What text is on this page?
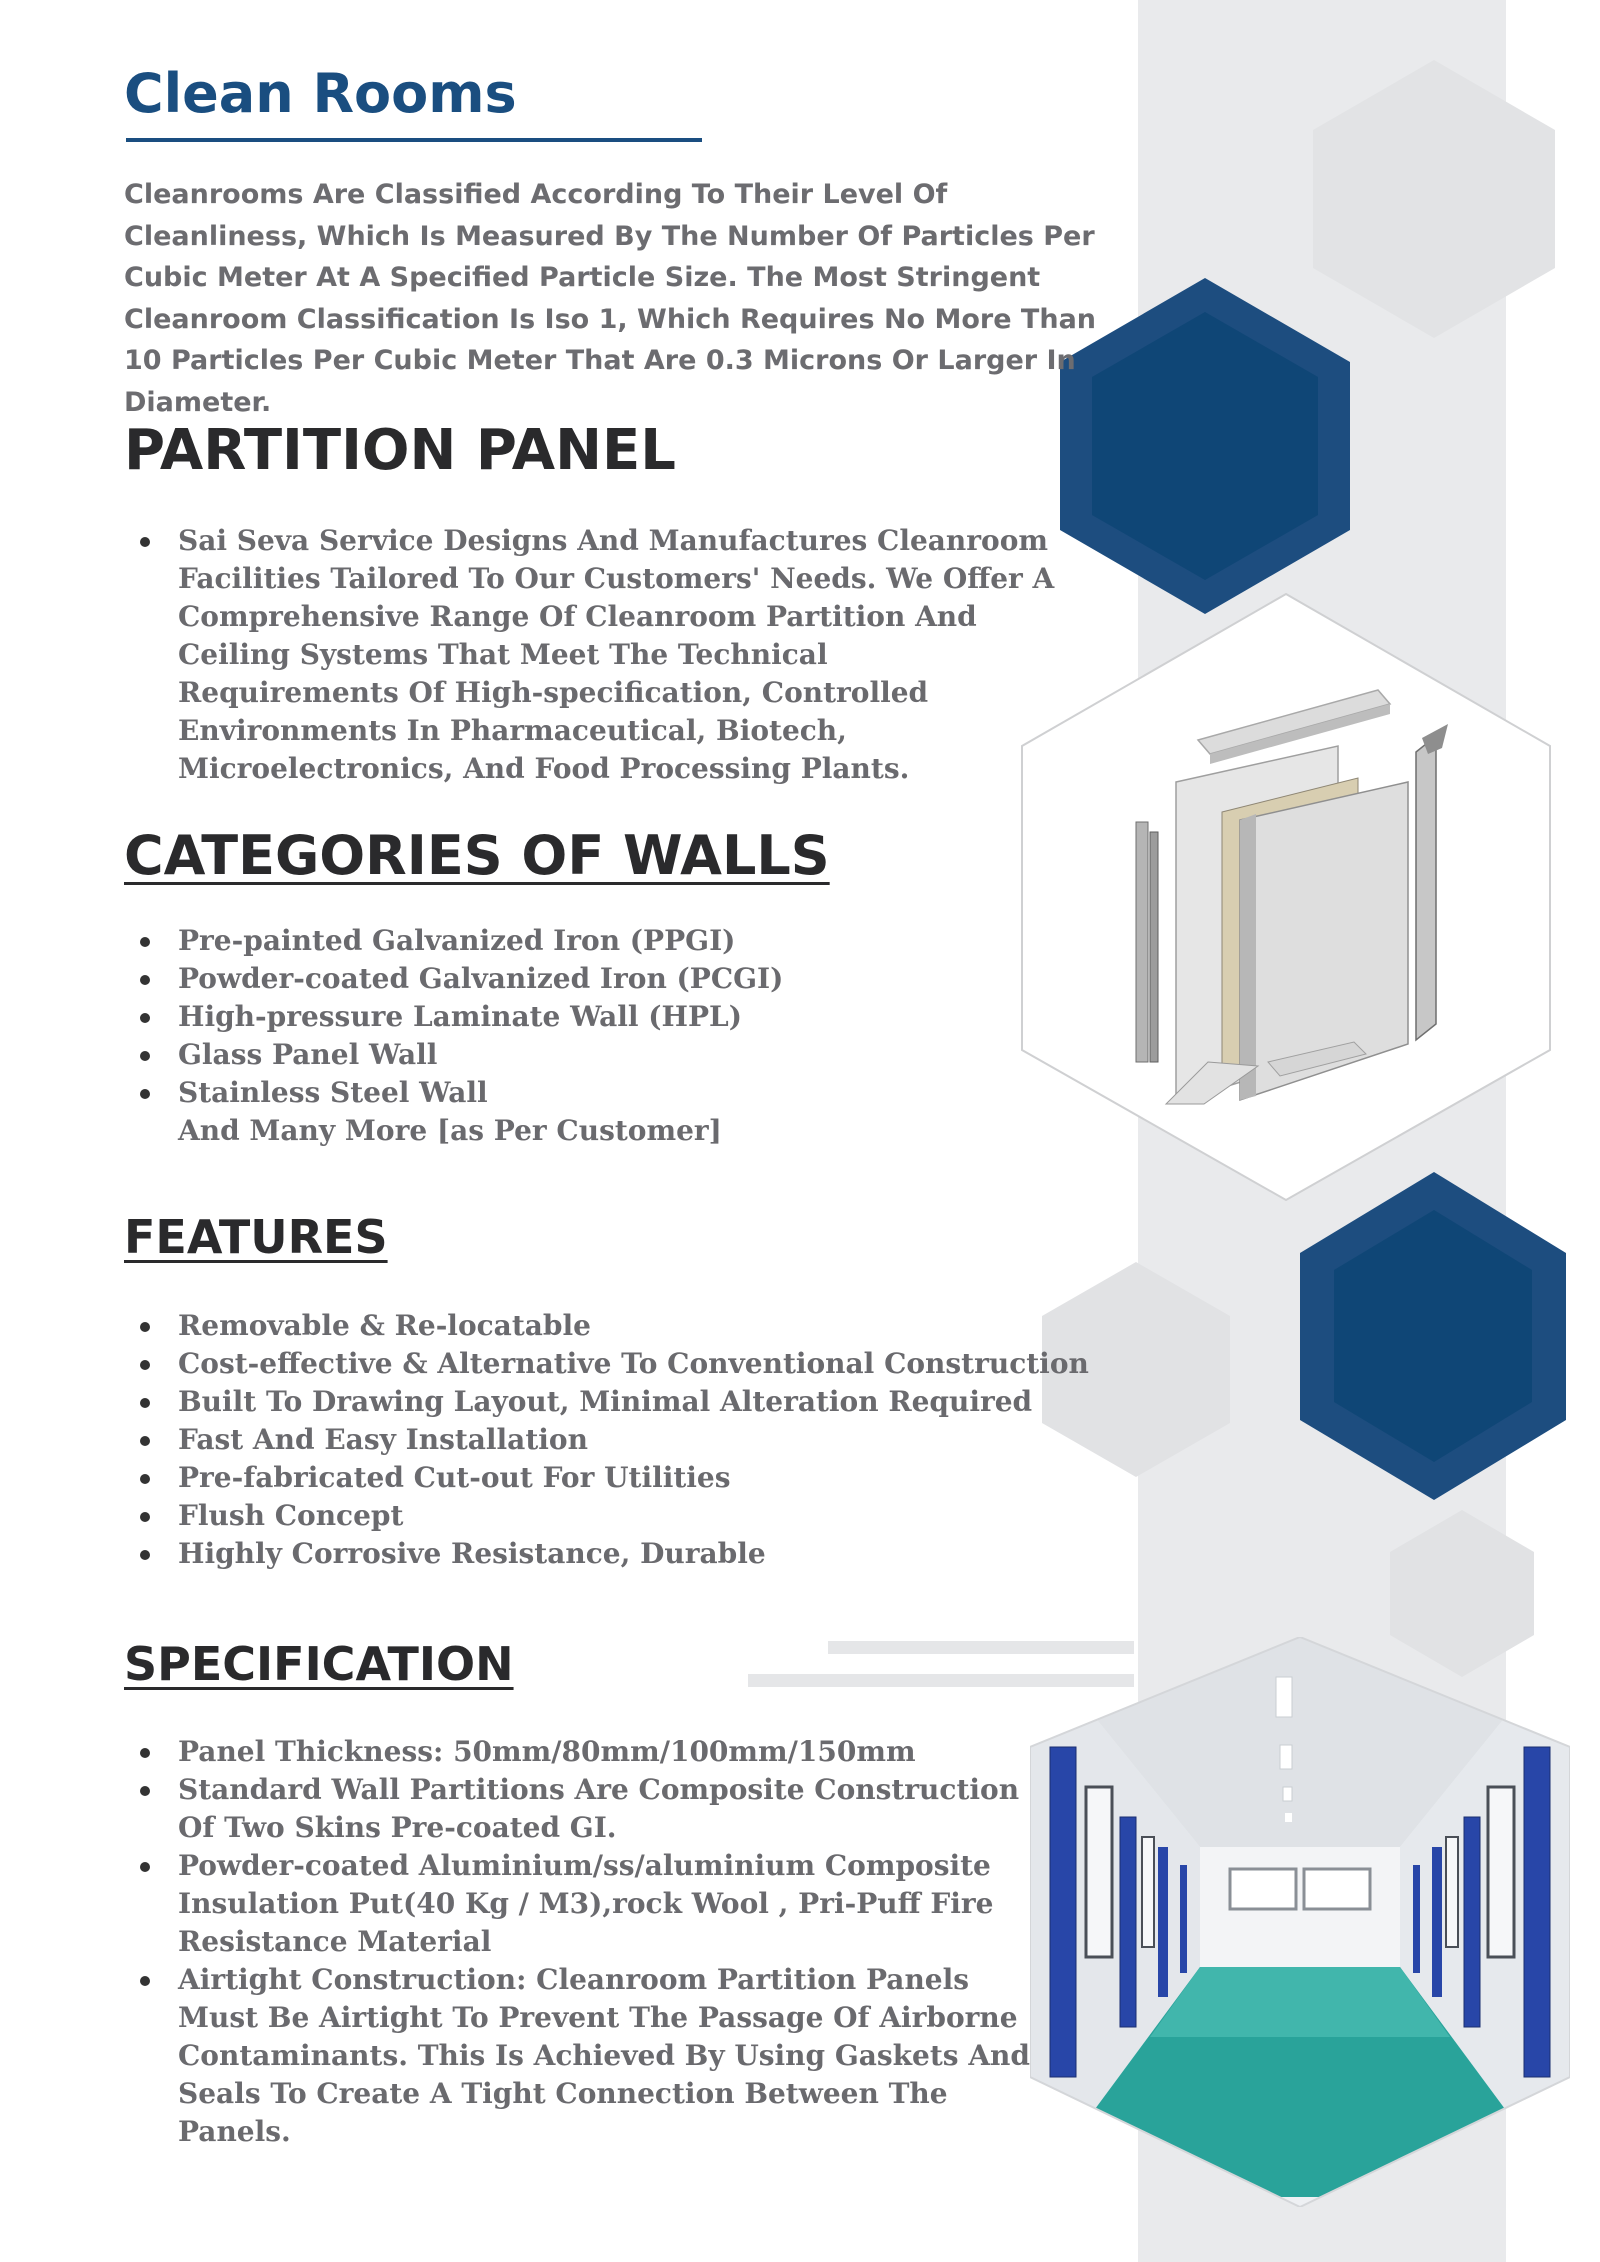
Clean Rooms

Cleanrooms Are Classified According To Their Level Of Cleanliness, Which Is Measured By The Number Of Particles Per Cubic Meter At A Specified Particle Size. The Most Stringent Cleanroom Classification Is Iso 1, Which Requires No More Than 10 Particles Per Cubic Meter That Are 0.3 Microns Or Larger In Diameter.

PARTITION PANEL
Sai Seva Service Designs And Manufactures Cleanroom Facilities Tailored To Our Customers' Needs. We Offer A Comprehensive Range Of Cleanroom Partition And Ceiling Systems That Meet The Technical Requirements Of High-specification, Controlled Environments In Pharmaceutical, Biotech, Microelectronics, And Food Processing Plants.
CATEGORIES OF WALLS
Pre-painted Galvanized Iron (PPGI)
Powder-coated Galvanized Iron (PCGI)
High-pressure Laminate Wall (HPL)
Glass Panel Wall
Stainless Steel Wall
And Many More [as Per Customer]
FEATURES
Removable & Re-locatable
Cost-effective & Alternative To Conventional Construction
Built To Drawing Layout, Minimal Alteration Required
Fast And Easy Installation
Pre-fabricated Cut-out For Utilities
Flush Concept
Highly Corrosive Resistance, Durable
SPECIFICATION
Panel Thickness: 50mm/80mm/100mm/150mm
Standard Wall Partitions Are Composite Construction Of Two Skins Pre-coated GI.
Powder-coated Aluminium/ss/aluminium Composite Insulation Put(40 Kg / M3),rock Wool , Pri-Puff Fire Resistance Material
Airtight Construction: Cleanroom Partition Panels Must Be Airtight To Prevent The Passage Of Airborne Contaminants. This Is Achieved By Using Gaskets And Seals To Create A Tight Connection Between The Panels.
